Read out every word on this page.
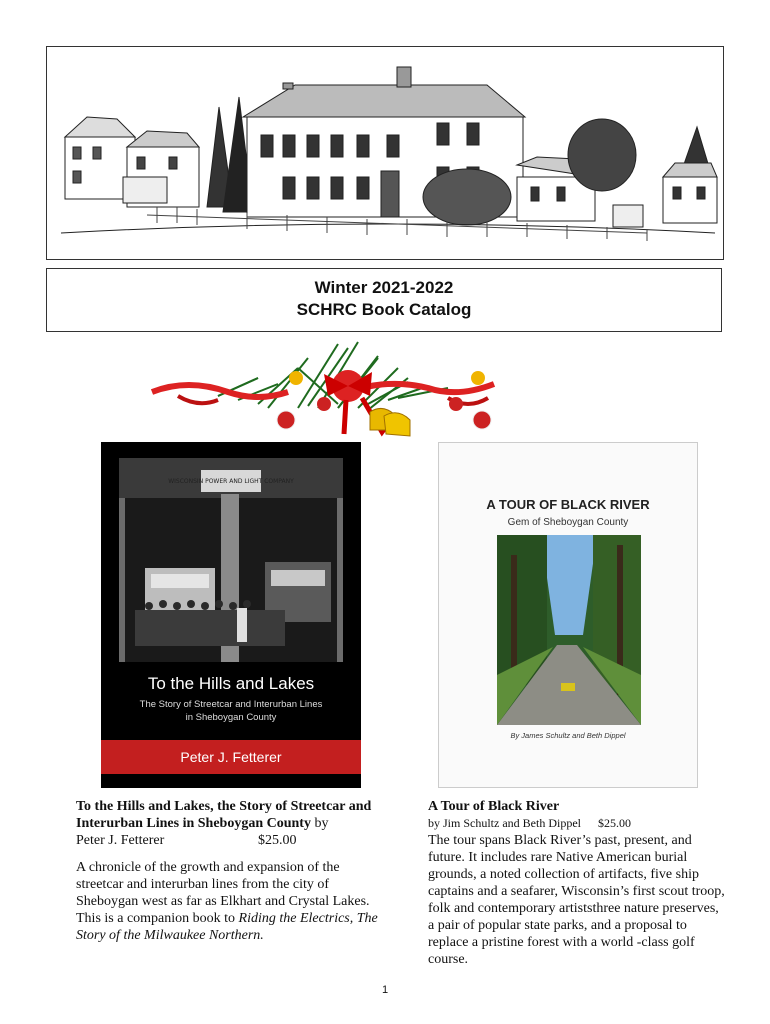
Winter 2021-2022
SCHRC Book Catalog
WISCONSIN POWER AND LIGHT COMPANY
To the Hills and Lakes
The Story of Streetcar and Interurban Lines
in Sheboygan County
Peter J. Fetterer
A TOUR OF BLACK RIVER
Gem of Sheboygan County
By James Schultz and Beth Dippel
To the Hills and Lakes, the Story of Streetcar and Interurban Lines in Sheboygan County by
Peter J. Fetterer	$25.00
A chronicle of the growth and expansion of the streetcar and interurban lines from the city of Sheboygan west as far as Elkhart and Crystal Lakes. This is a companion book to Riding the Electrics, The Story of the Milwaukee Northern.
A Tour of Black River
by Jim Schultz and Beth Dippel $25.00
The tour spans Black River’s past, present, and future. It includes rare Native American burial grounds, a noted collection of artifacts, five ship captains and a seafarer, Wisconsin’s first scout troop, folk and contemporary artiststhree nature preserves, a pair of popular state parks, and a proposal to replace a pristine forest with a world -class golf course.
1
